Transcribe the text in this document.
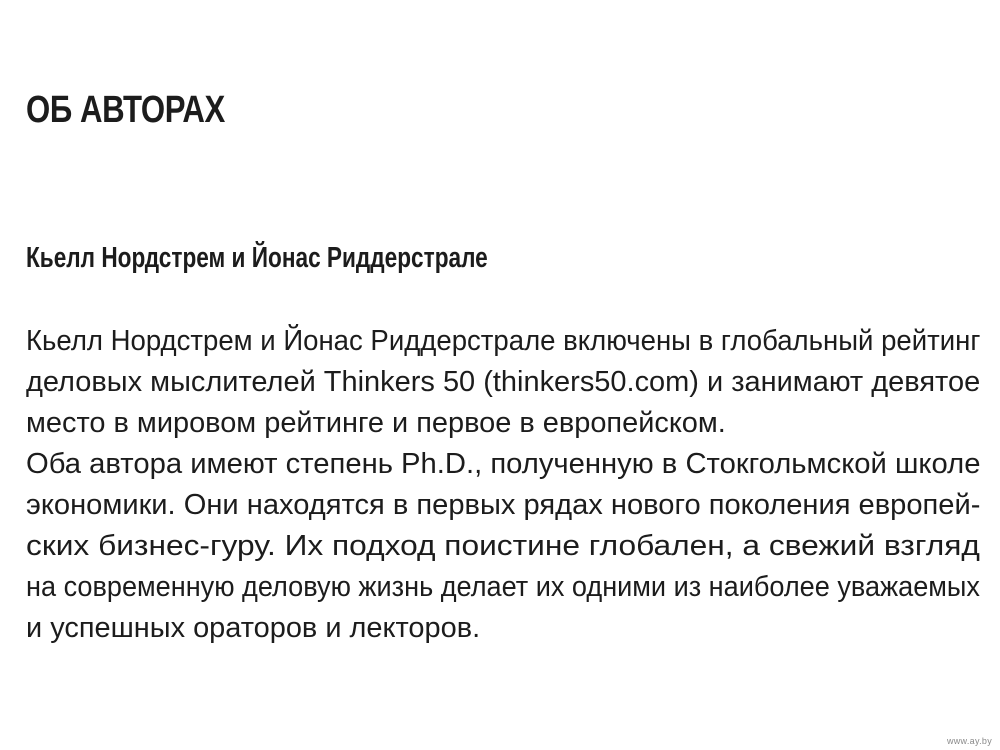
ОБ АВТОРАХ
Кьелл Нордстрем и Йонас Риддерстрале
Кьелл Нордстрем и Йонас Риддерстрале включены в глобальный рейтинг
деловых мыслителей Thinkers 50 (thinkers50.com) и занимают девятое
место в мировом рейтинге и первое в европейском.
Оба автора имеют степень Ph.D., полученную в Стокгольмской школе
экономики. Они находятся в первых рядах нового поколения европей-
ских бизнес-гуру. Их подход поистине глобален, а свежий взгляд
на современную деловую жизнь делает их одними из наиболее уважаемых
и успешных ораторов и лекторов.
www.ay.by
